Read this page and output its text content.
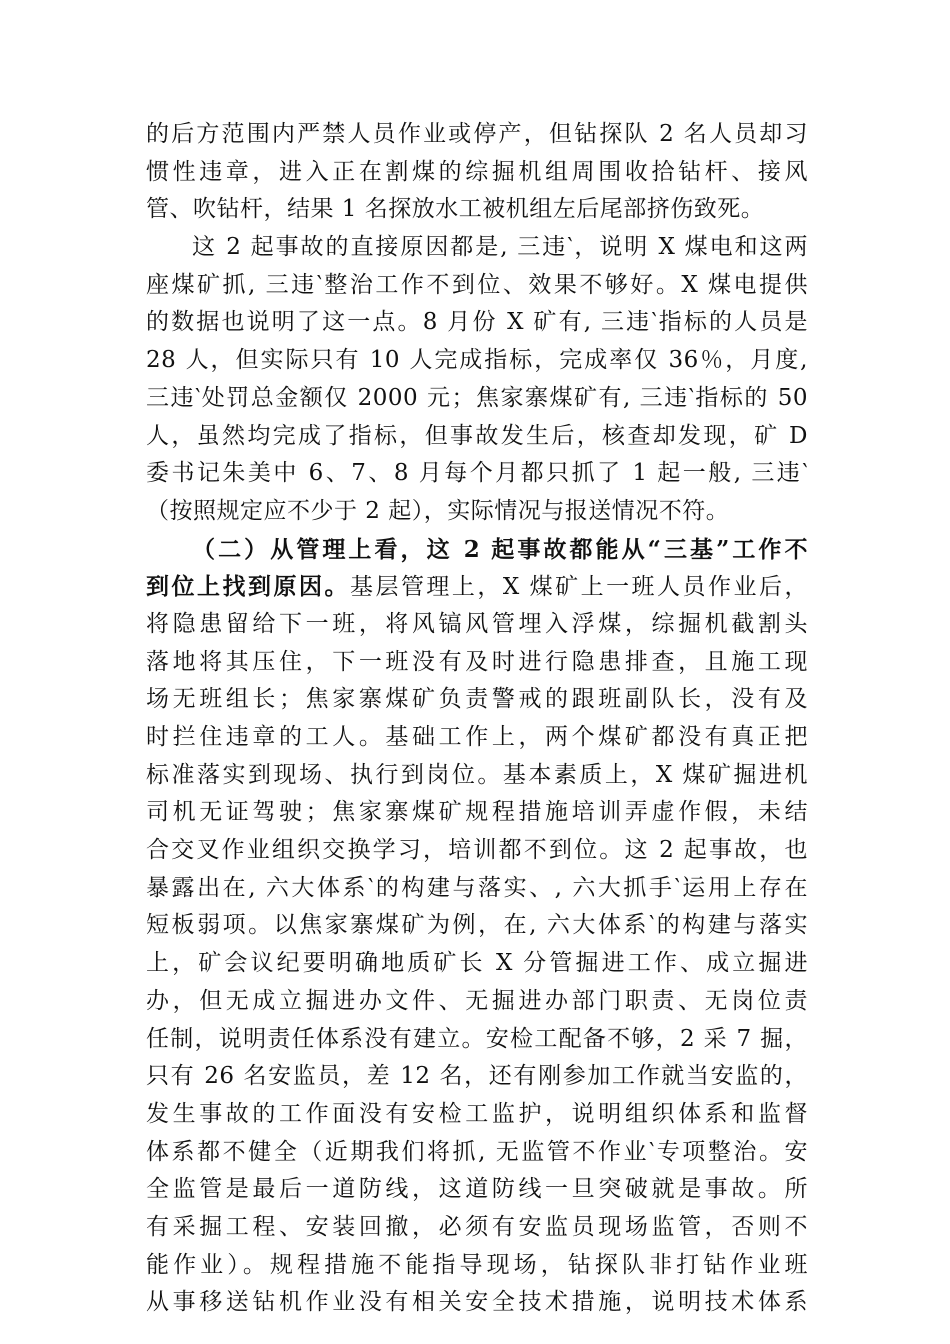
的后方范围内严禁人员作业或停产，但钻探队 2 名人员却习
惯性违章，进入正在割煤的综掘机组周围收拾钻杆、接风
管、吹钻杆，结果 1 名探放水工被机组左后尾部挤伤致死。
这 2 起事故的直接原因都是, 三违‵，说明 X 煤电和这两
座煤矿抓, 三违‵整治工作不到位、效果不够好。X 煤电提供
的数据也说明了这一点。8 月份 X 矿有, 三违‵指标的人员是
28 人，但实际只有 10 人完成指标，完成率仅 36％，月度,
三违‵处罚总金额仅 2000 元；焦家寨煤矿有, 三违‵指标的 50
人，虽然均完成了指标，但事故发生后，核查却发现，矿 D
委书记朱美中 6、7、8 月每个月都只抓了 1 起一般, 三违‵
（按照规定应不少于 2 起），实际情况与报送情况不符。
（二）从管理上看，这 2 起事故都能从“三基”工作不
到位上找到原因。基层管理上，X 煤矿上一班人员作业后，
将隐患留给下一班，将风镐风管埋入浮煤，综掘机截割头
落地将其压住，下一班没有及时进行隐患排查，且施工现
场无班组长；焦家寨煤矿负责警戒的跟班副队长，没有及
时拦住违章的工人。基础工作上，两个煤矿都没有真正把
标准落实到现场、执行到岗位。基本素质上，X 煤矿掘进机
司机无证驾驶；焦家寨煤矿规程措施培训弄虚作假，未结
合交叉作业组织交换学习，培训都不到位。这 2 起事故，也
暴露出在, 六大体系‵的构建与落实、, 六大抓手‵运用上存在
短板弱项。以焦家寨煤矿为例，在, 六大体系‵的构建与落实
上，矿会议纪要明确地质矿长 X 分管掘进工作、成立掘进
办，但无成立掘进办文件、无掘进办部门职责、无岗位责
任制，说明责任体系没有建立。安检工配备不够，2 采 7 掘，
只有 26 名安监员，差 12 名，还有刚参加工作就当安监的，
发生事故的工作面没有安检工监护，说明组织体系和监督
体系都不健全（近期我们将抓, 无监管不作业‵专项整治。安
全监管是最后一道防线，这道防线一旦突破就是事故。所
有采掘工程、安装回撤，必须有安监员现场监管，否则不
能作业）。规程措施不能指导现场，钻探队非打钻作业班
从事移送钻机作业没有相关安全技术措施，说明技术体系
